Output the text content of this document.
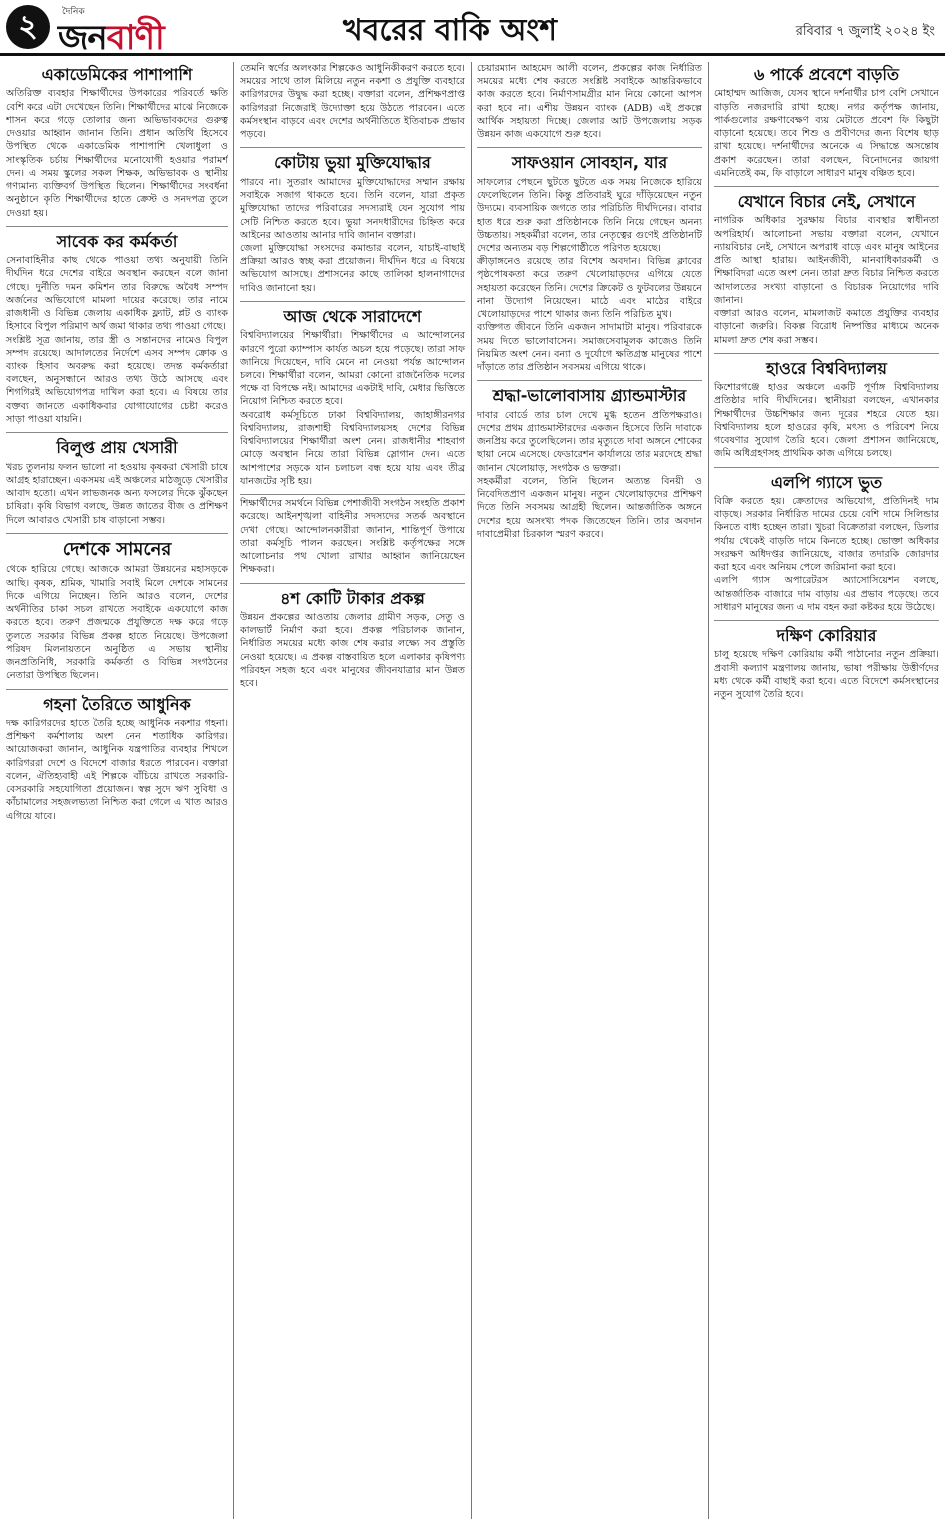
২	দৈনিক
জনবাণী	খবরের বাকি অংশ	রবিবার ৭ জুলাই ২০২৪ ইং
একাডেমিকের পাশাপাশি

অতিরিক্ত ব্যবহার শিক্ষার্থীদের উপকারের পরিবর্তে ক্ষতি বেশি করে এটা দেখেছেন তিনি। শিক্ষার্থীদের মাঝে নিজেকে শাসন করে গড়ে তোলার জন্য অভিভাবকদের গুরুত্ব দেওয়ার আহ্বান জানান তিনি। প্রধান অতিথি হিসেবে উপস্থিত থেকে একাডেমিক পাশাপাশি খেলাধুলা ও সাংস্কৃতিক চর্চায় শিক্ষার্থীদের মনোযোগী হওয়ার পরামর্শ দেন। এ সময় স্কুলের সকল শিক্ষক, অভিভাবক ও স্থানীয় গণ্যমান্য ব্যক্তিবর্গ উপস্থিত ছিলেন। শিক্ষার্থীদের সংবর্ধনা অনুষ্ঠানে কৃতি শিক্ষার্থীদের হাতে ক্রেস্ট ও সনদপত্র তুলে দেওয়া হয়।

সাবেক কর কর্মকর্তা

সেনাবাহিনীর কাছ থেকে পাওয়া তথ্য অনুযায়ী তিনি দীর্ঘদিন ধরে দেশের বাইরে অবস্থান করছেন বলে জানা গেছে। দুর্নীতি দমন কমিশন তার বিরুদ্ধে অবৈধ সম্পদ অর্জনের অভিযোগে মামলা দায়ের করেছে। তার নামে রাজধানী ও বিভিন্ন জেলায় একাধিক ফ্ল্যাট, প্লট ও ব্যাংক হিসাবে বিপুল পরিমাণ অর্থ জমা থাকার তথ্য পাওয়া গেছে।

সংশ্লিষ্ট সূত্র জানায়, তার স্ত্রী ও সন্তানদের নামেও বিপুল সম্পদ রয়েছে। আদালতের নির্দেশে এসব সম্পদ ক্রোক ও ব্যাংক হিসাব অবরুদ্ধ করা হয়েছে। তদন্ত কর্মকর্তারা বলছেন, অনুসন্ধানে আরও তথ্য উঠে আসছে এবং শিগগিরই অভিযোগপত্র দাখিল করা হবে। এ বিষয়ে তার বক্তব্য জানতে একাধিকবার যোগাযোগের চেষ্টা করেও সাড়া পাওয়া যায়নি।

বিলুপ্ত প্রায় খেসারী

খরচ তুলনায় ফলন ভালো না হওয়ায় কৃষকরা খেসারী চাষে আগ্রহ হারাচ্ছেন। একসময় এই অঞ্চলের মাঠজুড়ে খেসারীর আবাদ হতো। এখন লাভজনক অন্য ফসলের দিকে ঝুঁকছেন চাষিরা। কৃষি বিভাগ বলছে, উন্নত জাতের বীজ ও প্রশিক্ষণ দিলে আবারও খেসারী চাষ বাড়ানো সম্ভব।

দেশকে সামনের

থেকে হারিয়ে গেছে। আজকে আমরা উন্নয়নের মহাসড়কে আছি। কৃষক, শ্রমিক, খামারি সবাই মিলে দেশকে সামনের দিকে এগিয়ে নিচ্ছেন। তিনি আরও বলেন, দেশের অর্থনীতির চাকা সচল রাখতে সবাইকে একযোগে কাজ করতে হবে। তরুণ প্রজন্মকে প্রযুক্তিতে দক্ষ করে গড়ে তুলতে সরকার বিভিন্ন প্রকল্প হাতে নিয়েছে। উপজেলা পরিষদ মিলনায়তনে অনুষ্ঠিত এ সভায় স্থানীয় জনপ্রতিনিধি, সরকারি কর্মকর্তা ও বিভিন্ন সংগঠনের নেতারা উপস্থিত ছিলেন।

গহনা তৈরিতে আধুনিক

দক্ষ কারিগরদের হাতে তৈরি হচ্ছে আধুনিক নকশার গহনা। প্রশিক্ষণ কর্মশালায় অংশ নেন শতাধিক কারিগর। আয়োজকরা জানান, আধুনিক যন্ত্রপাতির ব্যবহার শিখলে কারিগররা দেশে ও বিদেশে বাজার ধরতে পারবেন। বক্তারা বলেন, ঐতিহ্যবাহী এই শিল্পকে বাঁচিয়ে রাখতে সরকারি-বেসরকারি সহযোগিতা প্রয়োজন। স্বল্প সুদে ঋণ সুবিধা ও কাঁচামালের সহজলভ্যতা নিশ্চিত করা গেলে এ খাত আরও এগিয়ে যাবে।

তেমনি স্বর্ণের অলংকার শিল্পকেও আধুনিকীকরণ করতে হবে। সময়ের সাথে তাল মিলিয়ে নতুন নকশা ও প্রযুক্তি ব্যবহারে কারিগরদের উদ্বুদ্ধ করা হচ্ছে। বক্তারা বলেন, প্রশিক্ষণপ্রাপ্ত কারিগররা নিজেরাই উদ্যোক্তা হয়ে উঠতে পারবেন। এতে কর্মসংস্থান বাড়বে এবং দেশের অর্থনীতিতে ইতিবাচক প্রভাব পড়বে।

কোটায় ভুয়া মুক্তিযোদ্ধার

পারবে না। সুতরাং আমাদের মুক্তিযোদ্ধাদের সম্মান রক্ষায় সবাইকে সজাগ থাকতে হবে। তিনি বলেন, যারা প্রকৃত মুক্তিযোদ্ধা তাদের পরিবারের সদস্যরাই যেন সুযোগ পায় সেটি নিশ্চিত করতে হবে। ভুয়া সনদধারীদের চিহ্নিত করে আইনের আওতায় আনার দাবি জানান বক্তারা।

জেলা মুক্তিযোদ্ধা সংসদের কমান্ডার বলেন, যাচাই-বাছাই প্রক্রিয়া আরও স্বচ্ছ করা প্রয়োজন। দীর্ঘদিন ধরে এ বিষয়ে অভিযোগ আসছে। প্রশাসনের কাছে তালিকা হালনাগাদের দাবিও জানানো হয়।

আজ থেকে সারাদেশে

বিশ্ববিদ্যালয়ের শিক্ষার্থীরা। শিক্ষার্থীদের এ আন্দোলনের কারণে পুরো ক্যাম্পাস কার্যত অচল হয়ে পড়েছে। তারা সাফ জানিয়ে দিয়েছেন, দাবি মেনে না নেওয়া পর্যন্ত আন্দোলন চলবে। শিক্ষার্থীরা বলেন, আমরা কোনো রাজনৈতিক দলের পক্ষে বা বিপক্ষে নই। আমাদের একটাই দাবি, মেধার ভিত্তিতে নিয়োগ নিশ্চিত করতে হবে।

অবরোধ কর্মসূচিতে ঢাকা বিশ্ববিদ্যালয়, জাহাঙ্গীরনগর বিশ্ববিদ্যালয়, রাজশাহী বিশ্ববিদ্যালয়সহ দেশের বিভিন্ন বিশ্ববিদ্যালয়ের শিক্ষার্থীরা অংশ নেন। রাজধানীর শাহবাগ মোড়ে অবস্থান নিয়ে তারা বিভিন্ন স্লোগান দেন। এতে আশপাশের সড়কে যান চলাচল বন্ধ হয়ে যায় এবং তীব্র যানজটের সৃষ্টি হয়।

শিক্ষার্থীদের সমর্থনে বিভিন্ন পেশাজীবী সংগঠন সংহতি প্রকাশ করেছে। আইনশৃঙ্খলা বাহিনীর সদস্যদের সতর্ক অবস্থানে দেখা গেছে। আন্দোলনকারীরা জানান, শান্তিপূর্ণ উপায়ে তারা কর্মসূচি পালন করছেন। সংশ্লিষ্ট কর্তৃপক্ষের সঙ্গে আলোচনার পথ খোলা রাখার আহ্বান জানিয়েছেন শিক্ষকরা।

৪শ কোটি টাকার প্রকল্প

উন্নয়ন প্রকল্পের আওতায় জেলার গ্রামীণ সড়ক, সেতু ও কালভার্ট নির্মাণ করা হবে। প্রকল্প পরিচালক জানান, নির্ধারিত সময়ের মধ্যে কাজ শেষ করার লক্ষ্যে সব প্রস্তুতি নেওয়া হয়েছে। এ প্রকল্প বাস্তবায়িত হলে এলাকার কৃষিপণ্য পরিবহন সহজ হবে এবং মানুষের জীবনযাত্রার মান উন্নত হবে।

চেয়ারম্যান আহমেদ আলী বলেন, প্রকল্পের কাজ নির্ধারিত সময়ের মধ্যে শেষ করতে সংশ্লিষ্ট সবাইকে আন্তরিকভাবে কাজ করতে হবে। নির্মাণসামগ্রীর মান নিয়ে কোনো আপস করা হবে না। এশীয় উন্নয়ন ব্যাংক (ADB) এই প্রকল্পে আর্থিক সহায়তা দিচ্ছে। জেলার আট উপজেলায় সড়ক উন্নয়ন কাজ একযোগে শুরু হবে।

সাফওয়ান সোবহান, যার

সাফল্যের পেছনে ছুটতে ছুটতে এক সময় নিজেকে হারিয়ে ফেলেছিলেন তিনি। কিন্তু প্রতিবারই ঘুরে দাঁড়িয়েছেন নতুন উদ্যমে। ব্যবসায়িক জগতে তার পরিচিতি দীর্ঘদিনের। বাবার হাত ধরে শুরু করা প্রতিষ্ঠানকে তিনি নিয়ে গেছেন অনন্য উচ্চতায়। সহকর্মীরা বলেন, তার নেতৃত্বের গুণেই প্রতিষ্ঠানটি দেশের অন্যতম বড় শিল্পগোষ্ঠীতে পরিণত হয়েছে।

ক্রীড়াঙ্গনেও রয়েছে তার বিশেষ অবদান। বিভিন্ন ক্লাবের পৃষ্ঠপোষকতা করে তরুণ খেলোয়াড়দের এগিয়ে যেতে সহায়তা করেছেন তিনি। দেশের ক্রিকেট ও ফুটবলের উন্নয়নে নানা উদ্যোগ নিয়েছেন। মাঠে এবং মাঠের বাইরে খেলোয়াড়দের পাশে থাকার জন্য তিনি পরিচিত মুখ।

ব্যক্তিগত জীবনে তিনি একজন সাদামাটা মানুষ। পরিবারকে সময় দিতে ভালোবাসেন। সমাজসেবামূলক কাজেও তিনি নিয়মিত অংশ নেন। বন্যা ও দুর্যোগে ক্ষতিগ্রস্ত মানুষের পাশে দাঁড়াতে তার প্রতিষ্ঠান সবসময় এগিয়ে থাকে।

শ্রদ্ধা-ভালোবাসায় গ্র্যান্ডমাস্টার

দাবার বোর্ডে তার চাল দেখে মুগ্ধ হতেন প্রতিপক্ষরাও। দেশের প্রথম গ্র্যান্ডমাস্টারদের একজন হিসেবে তিনি দাবাকে জনপ্রিয় করে তুলেছিলেন। তার মৃত্যুতে দাবা অঙ্গনে শোকের ছায়া নেমে এসেছে। ফেডারেশন কার্যালয়ে তার মরদেহে শ্রদ্ধা জানান খেলোয়াড়, সংগঠক ও ভক্তরা।

সহকর্মীরা বলেন, তিনি ছিলেন অত্যন্ত বিনয়ী ও নিবেদিতপ্রাণ একজন মানুষ। নতুন খেলোয়াড়দের প্রশিক্ষণ দিতে তিনি সবসময় আগ্রহী ছিলেন। আন্তর্জাতিক অঙ্গনে দেশের হয়ে অসংখ্য পদক জিতেছেন তিনি। তার অবদান দাবাপ্রেমীরা চিরকাল স্মরণ করবে।

৬ পার্কে প্রবেশে বাড়তি

মোহাম্মদ আজিজ, যেসব স্থানে দর্শনার্থীর চাপ বেশি সেখানে বাড়তি নজরদারি রাখা হচ্ছে। নগর কর্তৃপক্ষ জানায়, পার্কগুলোর রক্ষণাবেক্ষণ ব্যয় মেটাতে প্রবেশ ফি কিছুটা বাড়ানো হয়েছে। তবে শিশু ও প্রবীণদের জন্য বিশেষ ছাড় রাখা হয়েছে। দর্শনার্থীদের অনেকে এ সিদ্ধান্তে অসন্তোষ প্রকাশ করেছেন। তারা বলছেন, বিনোদনের জায়গা এমনিতেই কম, ফি বাড়ালে সাধারণ মানুষ বঞ্চিত হবে।

যেখানে বিচার নেই, সেখানে

নাগরিক অধিকার সুরক্ষায় বিচার ব্যবস্থার স্বাধীনতা অপরিহার্য। আলোচনা সভায় বক্তারা বলেন, যেখানে ন্যায়বিচার নেই, সেখানে অপরাধ বাড়ে এবং মানুষ আইনের প্রতি আস্থা হারায়। আইনজীবী, মানবাধিকারকর্মী ও শিক্ষাবিদরা এতে অংশ নেন। তারা দ্রুত বিচার নিশ্চিত করতে আদালতের সংখ্যা বাড়ানো ও বিচারক নিয়োগের দাবি জানান।

বক্তারা আরও বলেন, মামলাজট কমাতে প্রযুক্তির ব্যবহার বাড়ানো জরুরি। বিকল্প বিরোধ নিষ্পত্তির মাধ্যমে অনেক মামলা দ্রুত শেষ করা সম্ভব।

হাওরে বিশ্ববিদ্যালয়

কিশোরগঞ্জে হাওর অঞ্চলে একটি পূর্ণাঙ্গ বিশ্ববিদ্যালয় প্রতিষ্ঠার দাবি দীর্ঘদিনের। স্থানীয়রা বলছেন, এখানকার শিক্ষার্থীদের উচ্চশিক্ষার জন্য দূরের শহরে যেতে হয়। বিশ্ববিদ্যালয় হলে হাওরের কৃষি, মৎস্য ও পরিবেশ নিয়ে গবেষণার সুযোগ তৈরি হবে। জেলা প্রশাসন জানিয়েছে, জমি অধিগ্রহণসহ প্রাথমিক কাজ এগিয়ে চলছে।

এলপি গ্যাসে ভুত

বিক্রি করতে হয়। ক্রেতাদের অভিযোগ, প্রতিদিনই দাম বাড়ছে। সরকার নির্ধারিত দামের চেয়ে বেশি দামে সিলিন্ডার কিনতে বাধ্য হচ্ছেন তারা। খুচরা বিক্রেতারা বলছেন, ডিলার পর্যায় থেকেই বাড়তি দামে কিনতে হচ্ছে। ভোক্তা অধিকার সংরক্ষণ অধিদপ্তর জানিয়েছে, বাজার তদারকি জোরদার করা হবে এবং অনিয়ম পেলে জরিমানা করা হবে।

এলপি গ্যাস অপারেটরস অ্যাসোসিয়েশন বলছে, আন্তর্জাতিক বাজারে দাম বাড়ায় এর প্রভাব পড়েছে। তবে সাধারণ মানুষের জন্য এ দাম বহন করা কষ্টকর হয়ে উঠেছে।

দক্ষিণ কোরিয়ার

চালু হয়েছে দক্ষিণ কোরিয়ায় কর্মী পাঠানোর নতুন প্রক্রিয়া। প্রবাসী কল্যাণ মন্ত্রণালয় জানায়, ভাষা পরীক্ষায় উত্তীর্ণদের মধ্য থেকে কর্মী বাছাই করা হবে। এতে বিদেশে কর্মসংস্থানের নতুন সুযোগ তৈরি হবে।
